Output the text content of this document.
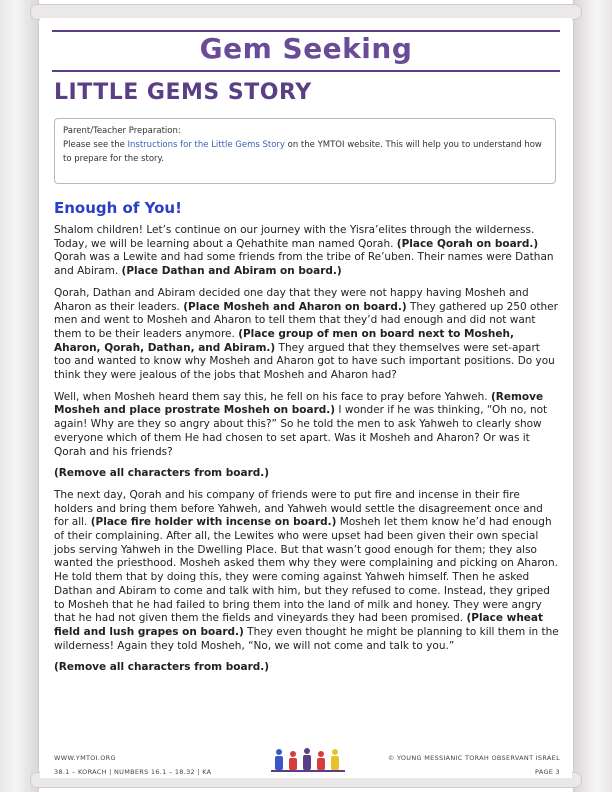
Gem Seeking
LITTLE GEMS STORY
Parent/Teacher Preparation:
Please see the Instructions for the Little Gems Story on the YMTOI website. This will help you to understand how to prepare for the story.
Enough of You!

Shalom children! Let’s continue on our journey with the Yisra’elites through the wilderness. Today, we will be learning about a Qehathite man named Qorah. (Place Qorah on board.) Qorah was a Lewite and had some friends from the tribe of Re’uben. Their names were Dathan and Abiram. (Place Dathan and Abiram on board.)

Qorah, Dathan and Abiram decided one day that they were not happy having Mosheh and Aharon as their leaders. (Place Mosheh and Aharon on board.) They gathered up 250 other men and went to Mosheh and Aharon to tell them that they’d had enough and did not want them to be their leaders anymore. (Place group of men on board next to Mosheh, Aharon, Qorah, Dathan, and Abiram.) They argued that they themselves were set-apart too and wanted to know why Mosheh and Aharon got to have such important positions. Do you think they were jealous of the jobs that Mosheh and Aharon had?

Well, when Mosheh heard them say this, he fell on his face to pray before Yahweh. (Remove Mosheh and place prostrate Mosheh on board.) I wonder if he was thinking, “Oh no, not again! Why are they so angry about this?” So he told the men to ask Yahweh to clearly show everyone which of them He had chosen to set apart. Was it Mosheh and Aharon? Or was it Qorah and his friends?

(Remove all characters from board.)

The next day, Qorah and his company of friends were to put fire and incense in their fire holders and bring them before Yahweh, and Yahweh would settle the disagreement once and for all. (Place fire holder with incense on board.) Mosheh let them know he’d had enough of their complaining. After all, the Lewites who were upset had been given their own special jobs serving Yahweh in the Dwelling Place. But that wasn’t good enough for them; they also wanted the priesthood. Mosheh asked them why they were complaining and picking on Aharon. He told them that by doing this, they were coming against Yahweh himself. Then he asked Dathan and Abiram to come and talk with him, but they refused to come. Instead, they griped to Mosheh that he had failed to bring them into the land of milk and honey. They were angry that he had not given them the fields and vineyards they had been promised. (Place wheat field and lush grapes on board.) They even thought he might be planning to kill them in the wilderness! Again they told Mosheh, “No, we will not come and talk to you.”

(Remove all characters from board.)

WWW.YMTOI.ORG
38.1 – KORACH | NUMBERS 16.1 – 18.32 | KA
© YOUNG MESSIANIC TORAH OBSERVANT ISRAEL
PAGE 3
